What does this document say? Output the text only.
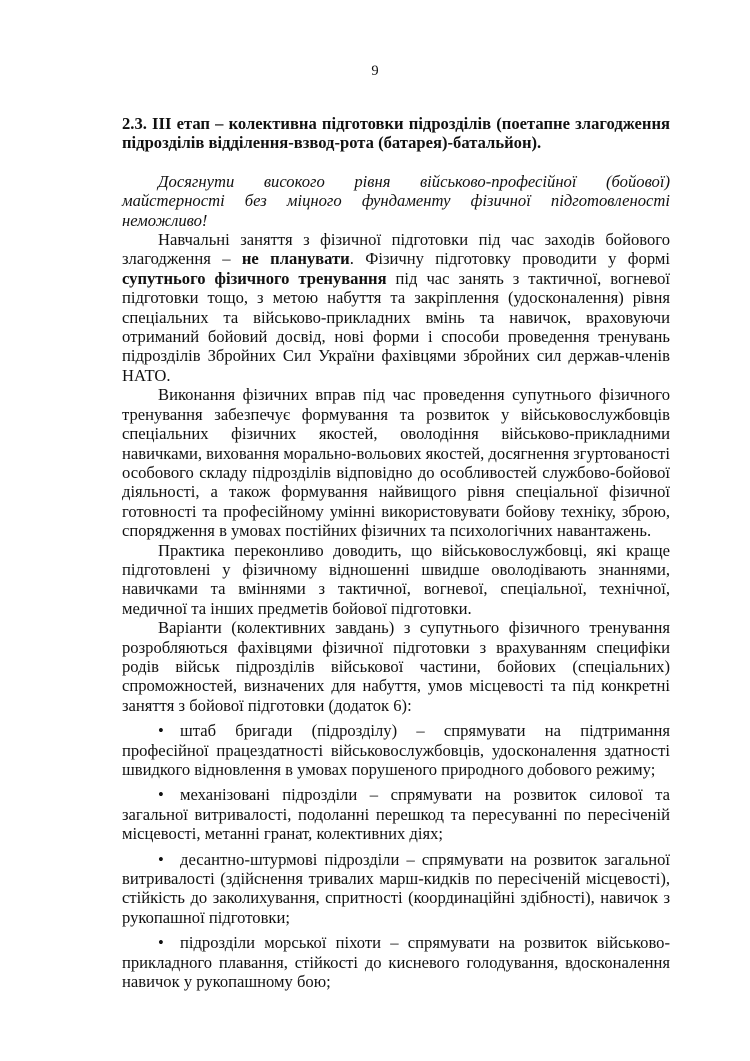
9

2.3. III етап – колективна підготовки підрозділів (поетапне злагодження підрозділів відділення-взвод-рота (батарея)-батальйон).

Досягнути високого рівня військово-професійної (бойової) майстерності без міцного фундаменту фізичної підготовленості неможливо!

Навчальні заняття з фізичної підготовки під час заходів бойового злагодження – не планувати. Фізичну підготовку проводити у формі супутнього фізичного тренування під час занять з тактичної, вогневої підготовки тощо, з метою набуття та закріплення (удосконалення) рівня спеціальних та військово-прикладних вмінь та навичок, враховуючи отриманий бойовий досвід, нові форми і способи проведення тренувань підрозділів Збройних Сил України фахівцями збройних сил держав-членів НАТО.

Виконання фізичних вправ під час проведення супутнього фізичного тренування забезпечує формування та розвиток у військовослужбовців спеціальних фізичних якостей, оволодіння військово-прикладними навичками, виховання морально-вольових якостей, досягнення згуртованості особового складу підрозділів відповідно до особливостей службово-бойової діяльності, а також формування найвищого рівня спеціальної фізичної готовності та професійному умінні використовувати бойову техніку, зброю, спорядження в умовах постійних фізичних та психологічних навантажень.

Практика переконливо доводить, що військовослужбовці, які краще підготовлені у фізичному відношенні швидше оволодівають знаннями, навичками та вміннями з тактичної, вогневої, спеціальної, технічної, медичної та інших предметів бойової підготовки.

Варіанти (колективних завдань) з супутнього фізичного тренування розробляються фахівцями фізичної підготовки з врахуванням специфіки родів військ підрозділів військової частини, бойових (спеціальних) спроможностей, визначених для набуття, умов місцевості та під конкретні заняття з бойової підготовки (додаток 6):

• штаб бригади (підрозділу) – спрямувати на підтримання професійної працездатності військовослужбовців, удосконалення здатності швидкого відновлення в умовах порушеного природного добового режиму;

• механізовані підрозділи – спрямувати на розвиток силової та загальної витривалості, подоланні перешкод та пересуванні по пересіченій місцевості, метанні гранат, колективних діях;

• десантно-штурмові підрозділи – спрямувати на розвиток загальної витривалості (здійснення тривалих марш-кидків по пересіченій місцевості), стійкість до заколихування, спритності (координаційні здібності), навичок з рукопашної підготовки;

• підрозділи морської піхоти – спрямувати на розвиток військово-прикладного плавання, стійкості до кисневого голодування, вдосконалення навичок у рукопашному бою;
